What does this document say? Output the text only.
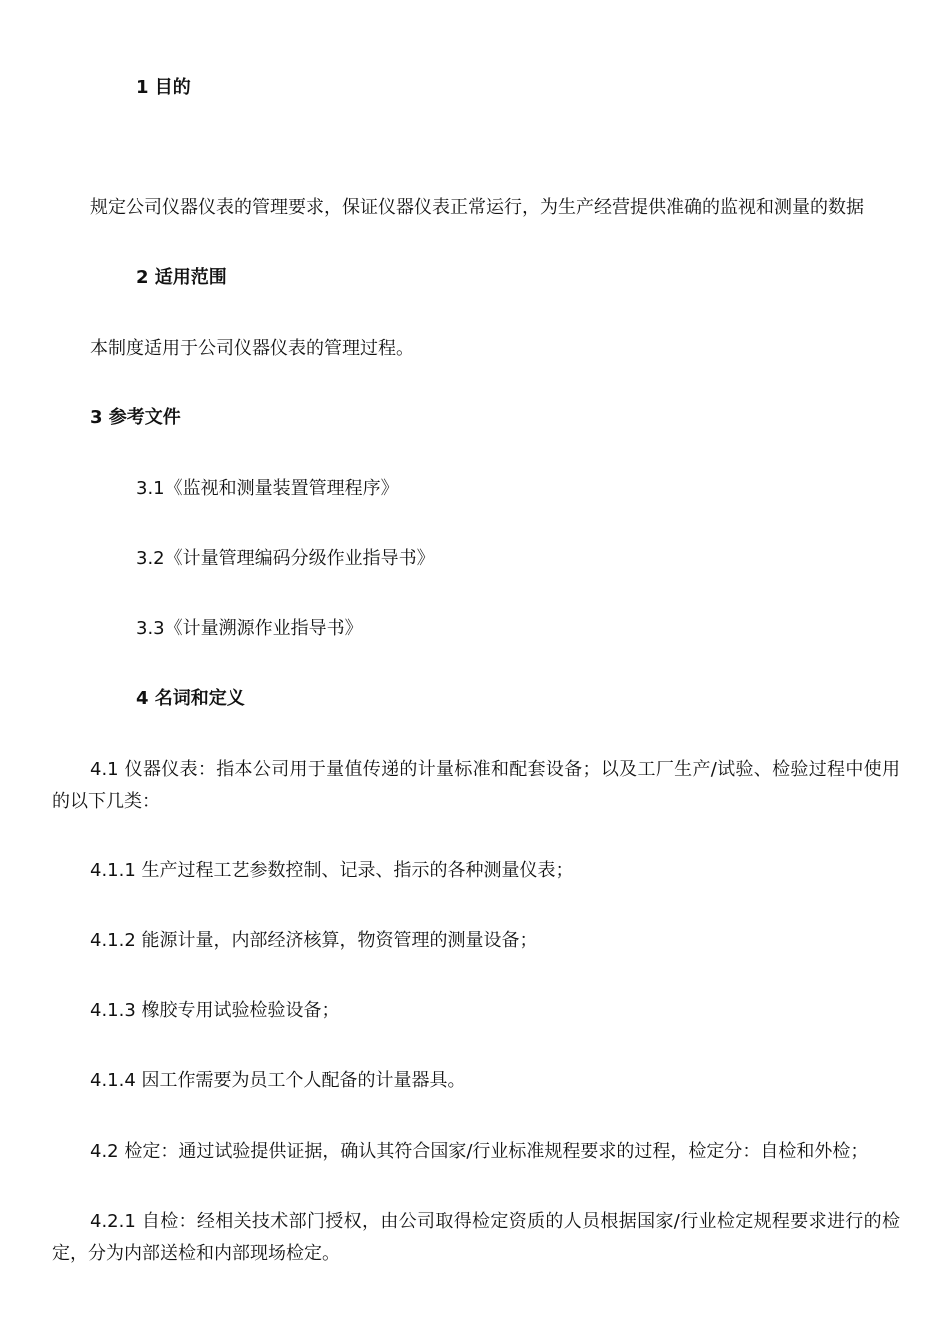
1 目的
规定公司仪器仪表的管理要求，保证仪器仪表正常运行，为生产经营提供准确的监视和测量的数据
2 适用范围
本制度适用于公司仪器仪表的管理过程。
3 参考文件
3.1《监视和测量装置管理程序》
3.2《计量管理编码分级作业指导书》
3.3《计量溯源作业指导书》
4 名词和定义
4.1 仪器仪表：指本公司用于量值传递的计量标准和配套设备；以及工厂生产/试验、检验过程中使用的以下几类：
4.1.1 生产过程工艺参数控制、记录、指示的各种测量仪表；
4.1.2 能源计量，内部经济核算，物资管理的测量设备；
4.1.3 橡胶专用试验检验设备；
4.1.4 因工作需要为员工个人配备的计量器具。
4.2 检定：通过试验提供证据，确认其符合国家/行业标准规程要求的过程，检定分：自检和外检；
4.2.1 自检：经相关技术部门授权，由公司取得检定资质的人员根据国家/行业检定规程要求进行的检定，分为内部送检和内部现场检定。
